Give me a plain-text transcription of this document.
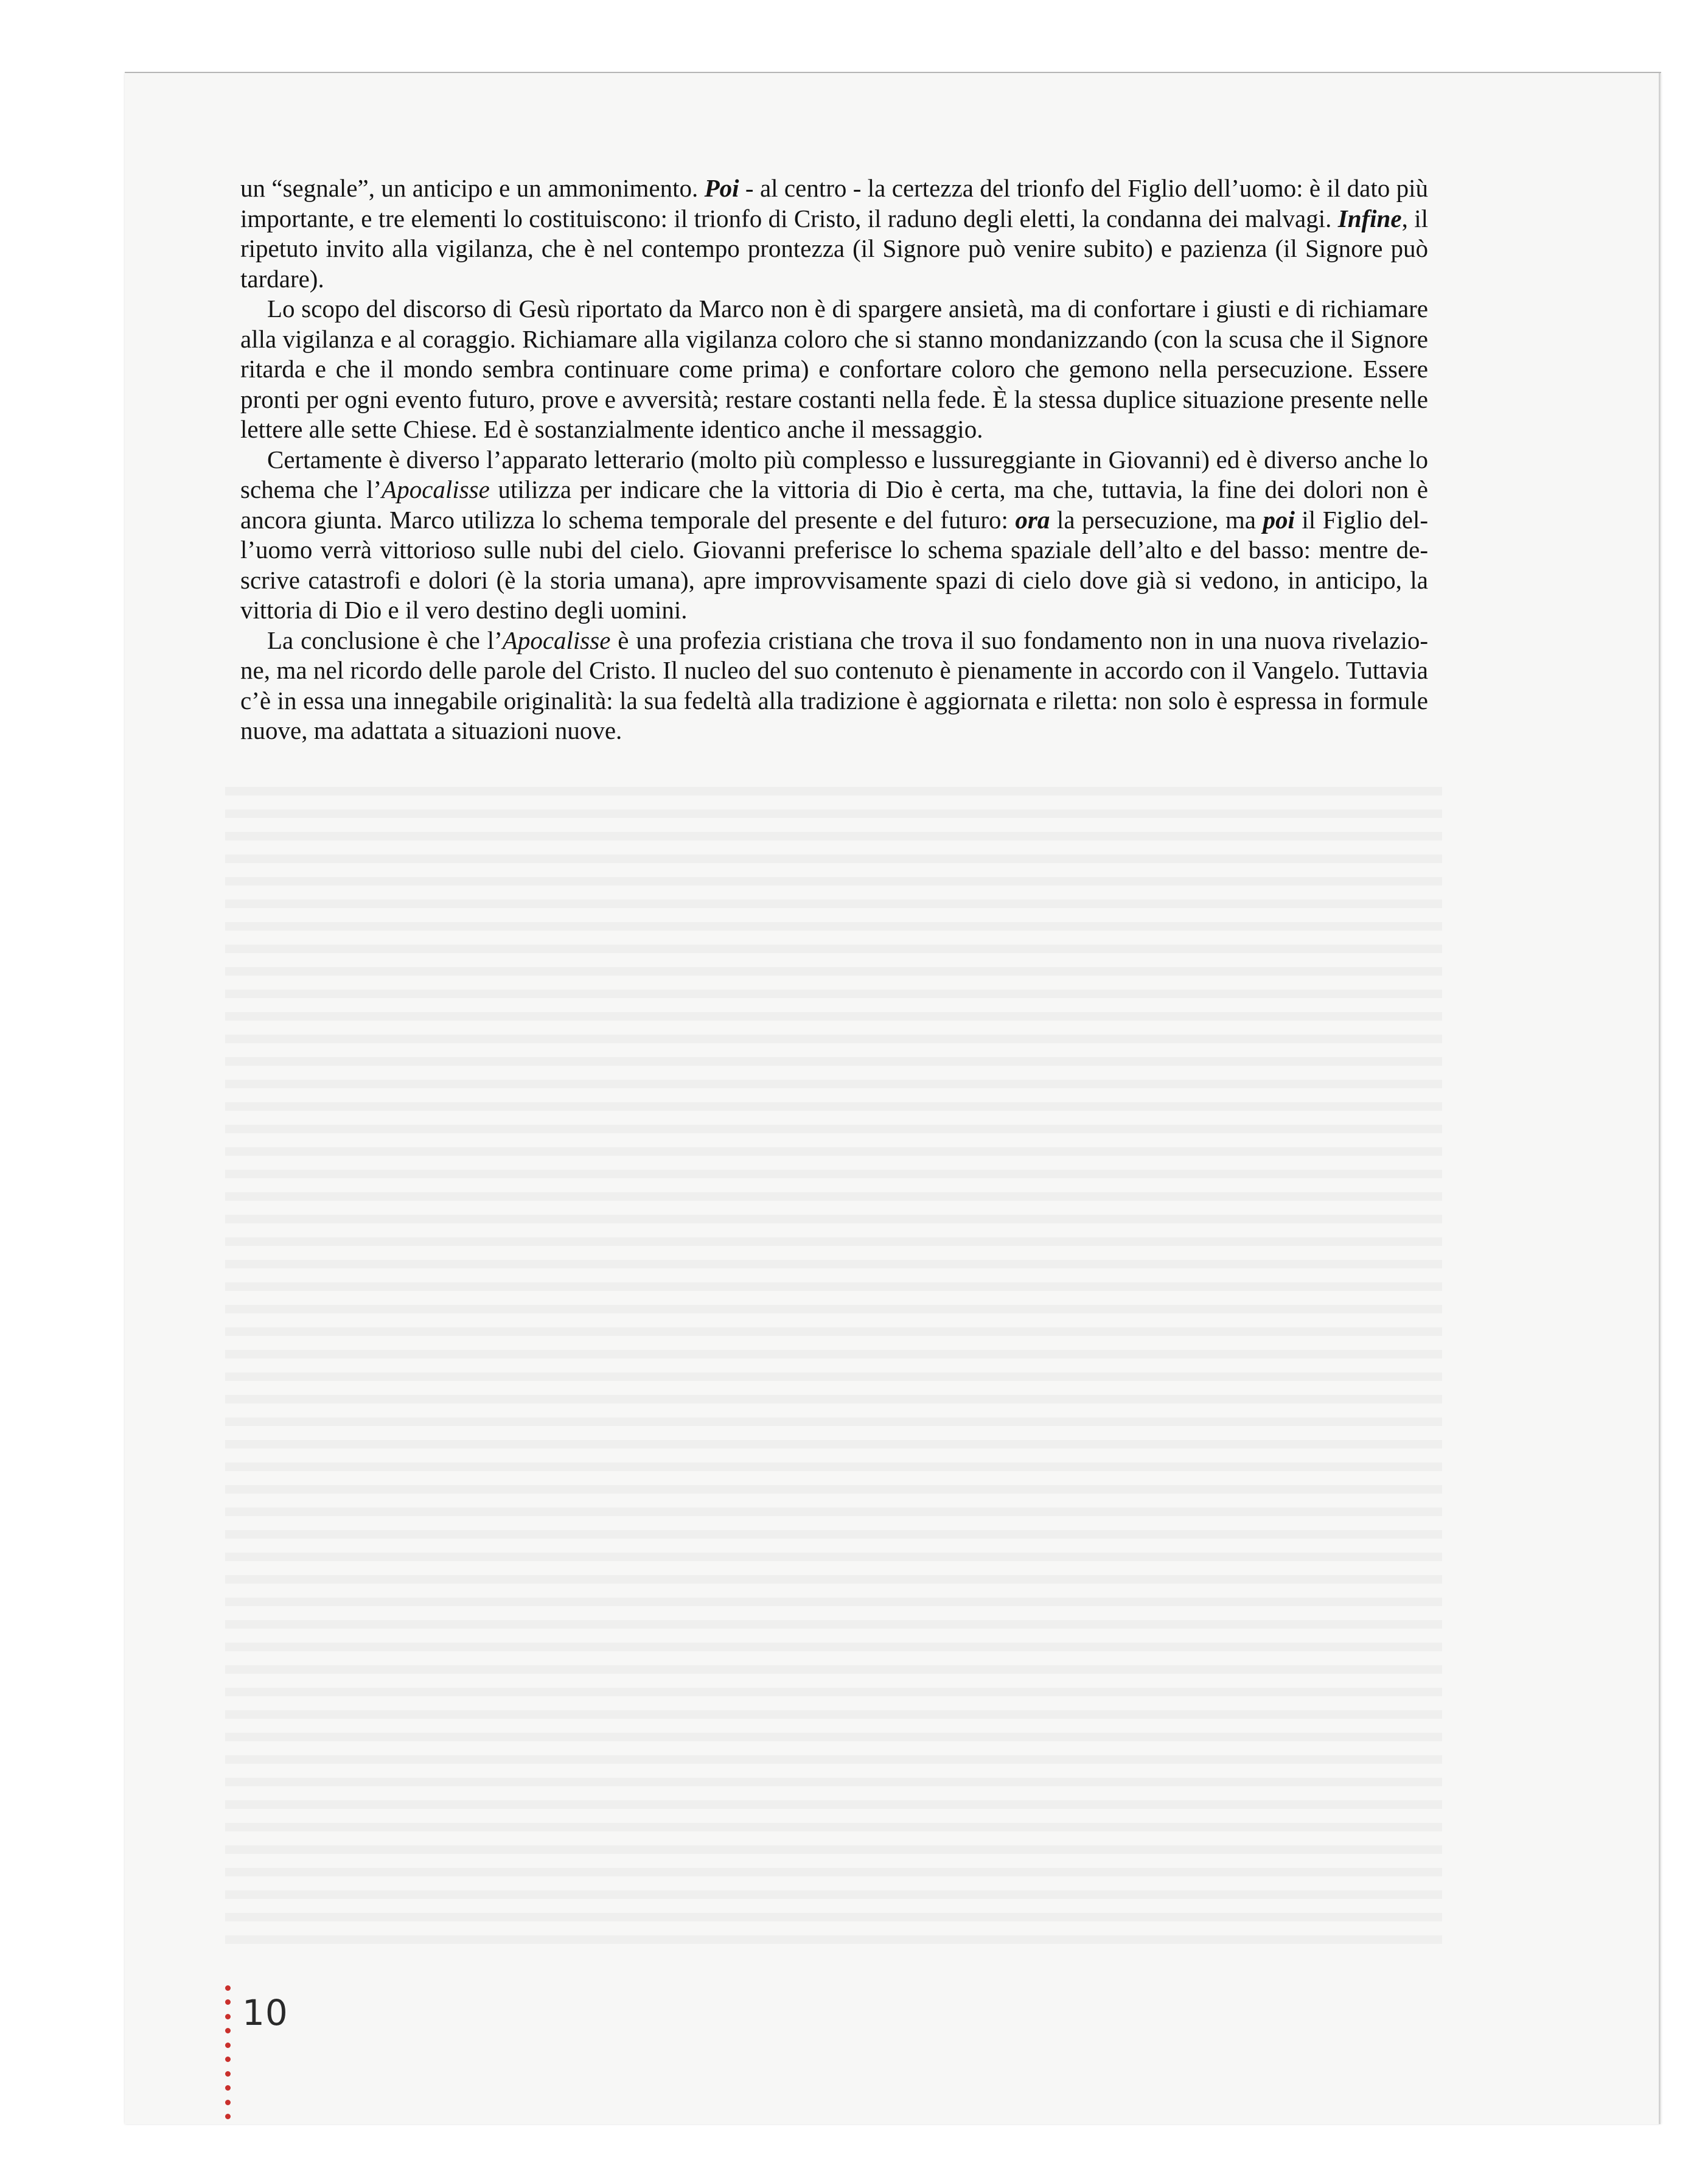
un “segnale”, un anticipo e un ammonimento. Poi - al centro - la certezza del trionfo del Figlio dell’uomo: è il dato più importante, e tre elementi lo costituiscono: il trionfo di Cristo, il raduno degli eletti, la condanna dei malvagi. Infine, il ripetuto invito alla vigilanza, che è nel contempo prontezza (il Signore può venire subito) e pazienza (il Signore può tardare).

Lo scopo del discorso di Gesù riportato da Marco non è di spargere ansietà, ma di confortare i giusti e di richiamare alla vigilanza e al coraggio. Richiamare alla vigilanza coloro che si stanno mondanizzando (con la scusa che il Signore ritarda e che il mondo sembra continuare come prima) e confortare coloro che gemono nella persecuzione. Essere pronti per ogni evento futuro, prove e avversità; restare costanti nella fede. È la stessa duplice situazione presente nelle lettere alle sette Chiese. Ed è sostanzialmente identico anche il messaggio.

Certamente è diverso l’apparato letterario (molto più complesso e lussureggiante in Giovanni) ed è diverso anche lo schema che l’Apocalisse utilizza per indicare che la vittoria di Dio è certa, ma che, tuttavia, la fine dei dolori non è ancora giunta. Marco utilizza lo schema temporale del presente e del futuro: ora la persecuzione, ma poi il Figlio dell’uomo verrà vittorioso sulle nubi del cielo. Giovanni preferisce lo schema spaziale dell’alto e del basso: mentre descrive catastrofi e dolori (è la storia umana), apre improvvisamente spazi di cielo dove già si vedono, in anticipo, la vittoria di Dio e il vero destino degli uomini.

La conclusione è che l’Apocalisse è una profezia cristiana che trova il suo fondamento non in una nuova rivelazione, ma nel ricordo delle parole del Cristo. Il nucleo del suo contenuto è pienamente in accordo con il Vangelo. Tuttavia c’è in essa una innegabile originalità: la sua fedeltà alla tradizione è aggiornata e riletta: non solo è espressa in formule nuove, ma adattata a situazioni nuove.

10
